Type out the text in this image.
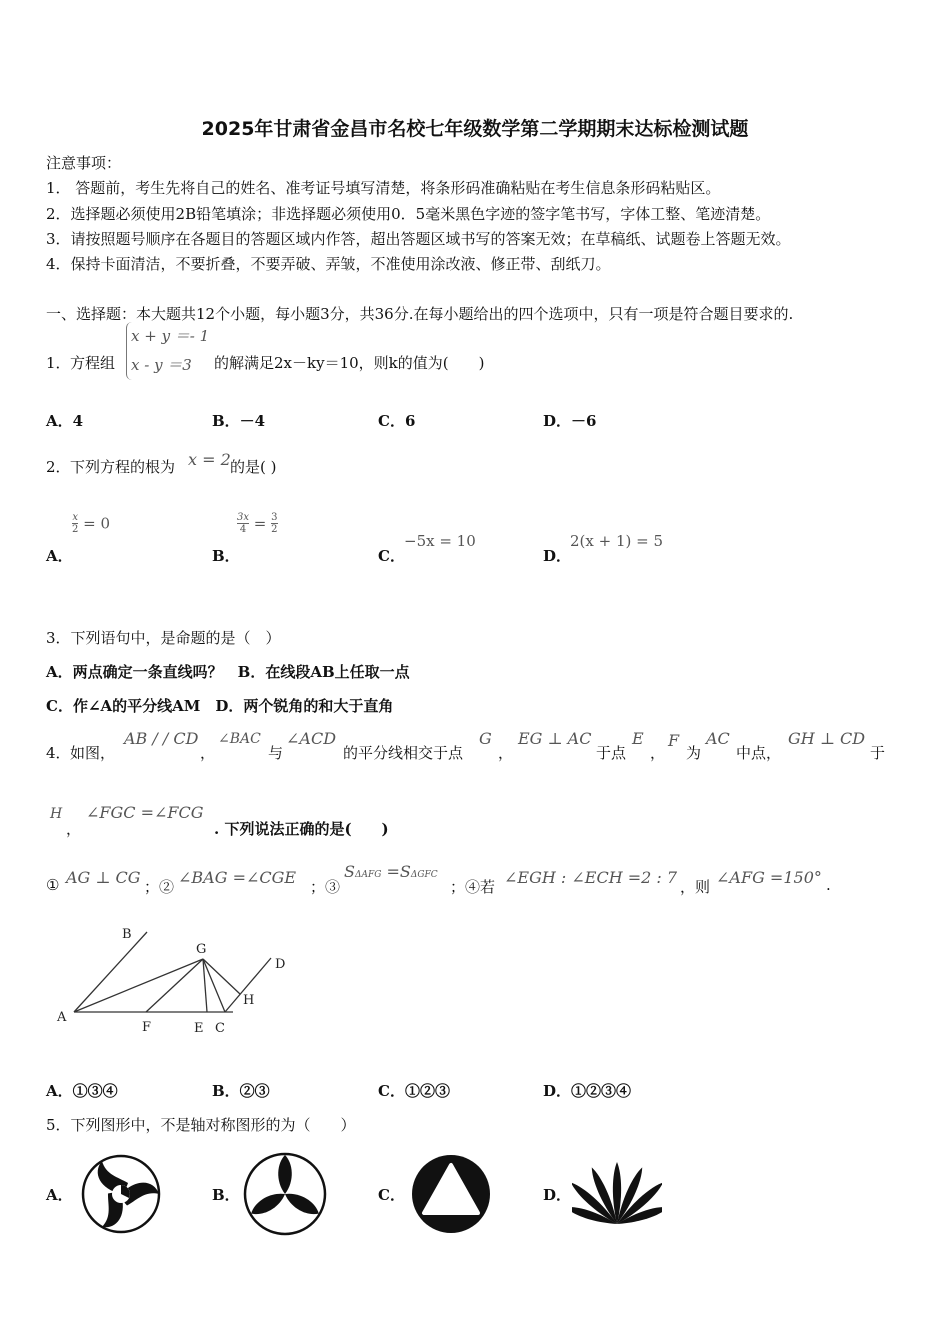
2025年甘肃省金昌市名校七年级数学第二学期期末达标检测试题
注意事项：
1． 答题前，考生先将自己的姓名、准考证号填写清楚，将条形码准确粘贴在考生信息条形码粘贴区。
2．选择题必须使用2B铅笔填涂；非选择题必须使用0．5毫米黑色字迹的签字笔书写，字体工整、笔迹清楚。
3．请按照题号顺序在各题目的答题区域内作答，超出答题区域书写的答案无效；在草稿纸、试题卷上答题无效。
4．保持卡面清洁，不要折叠，不要弄破、弄皱，不准使用涂改液、修正带、刮纸刀。
一、选择题：本大题共12个小题，每小题3分，共36分.在每小题给出的四个选项中，只有一项是符合题目要求的.
1． 方程组
x + y ＝- 1
x - y ＝3	的解满足2x－ky＝10，则k的值为(　　)
A．4	B．－4	C．6	D．－6
2． 下列方程的根为 x = 2 的是( )
A．
$\frac{x}{2} = 0$
B．
$\frac{3x}{4} = \frac{3}{2}$
C．
−5x = 10
D．
2(x + 1) = 5
3．下列语句中，是命题的是（　）
A．两点确定一条直线吗？　B．在线段AB上任取一点
C．作∠A的平分线AM　D．两个锐角的和大于直角
4． 如图，
AB / / CD
，
∠BAC
与
∠ACD
的平分线相交于点
G
，
EG ⊥ AC
于点
E
，
F
为
AC
中点，
GH ⊥ CD
于
H
，
∠FGC =∠FCG
. 下列说法正确的是(　　)
① AG ⊥ CG ；② ∠BAG =∠CGE ；③
SΔAFG =SΔGFC
；④若 ∠EGH : ∠ECH =2 : 7 ，则 ∠AFG =150° .
B
G
D
A
F	E C
H
A．①③④	B．②③	C．①②③	D．①②③④
5．下列图形中，不是轴对称图形的为（　　）
A．	B．	C．	D．
